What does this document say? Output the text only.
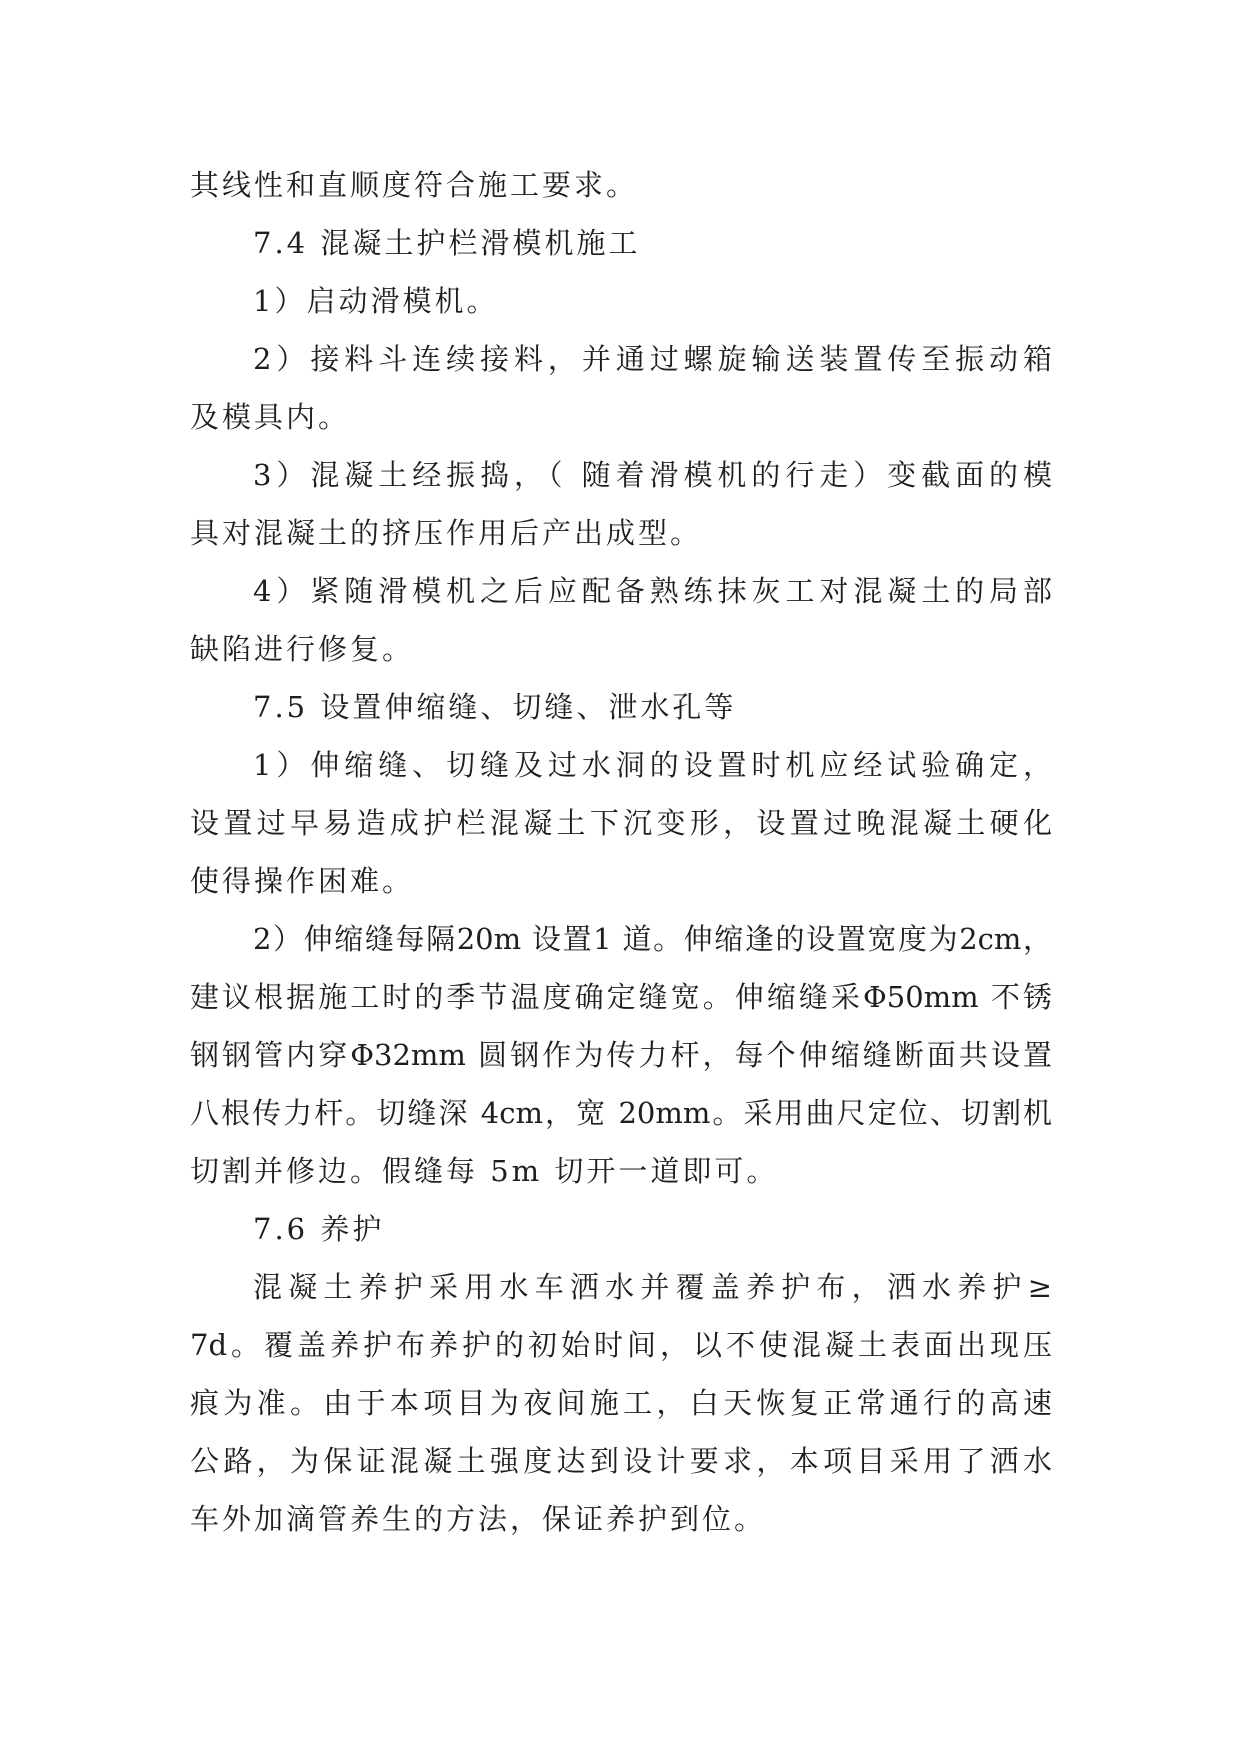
其线性和直顺度符合施工要求。
7.4 混凝土护栏滑模机施工
1）启动滑模机。
2）接料斗连续接料，并通过螺旋输送装置传至振动箱
及模具内。
3）混凝土经振捣，（ 随着滑模机的行走）变截面的模
具对混凝土的挤压作用后产出成型。
4）紧随滑模机之后应配备熟练抹灰工对混凝土的局部
缺陷进行修复。
7.5 设置伸缩缝、切缝、泄水孔等
1）伸缩缝、切缝及过水洞的设置时机应经试验确定，
设置过早易造成护栏混凝土下沉变形，设置过晚混凝土硬化
使得操作困难。
2）伸缩缝每隔20m 设置1 道。伸缩逢的设置宽度为2cm，
建议根据施工时的季节温度确定缝宽。伸缩缝采Φ50mm 不锈
钢钢管内穿Φ32mm 圆钢作为传力杆，每个伸缩缝断面共设置
八根传力杆。切缝深 4cm，宽 20mm。采用曲尺定位、切割机
切割并修边。假缝每 5m 切开一道即可。
7.6 养护
混凝土养护采用水车洒水并覆盖养护布，洒水养护≥
7d。覆盖养护布养护的初始时间，以不使混凝土表面出现压
痕为准。由于本项目为夜间施工，白天恢复正常通行的高速
公路，为保证混凝土强度达到设计要求，本项目采用了洒水
车外加滴管养生的方法，保证养护到位。
